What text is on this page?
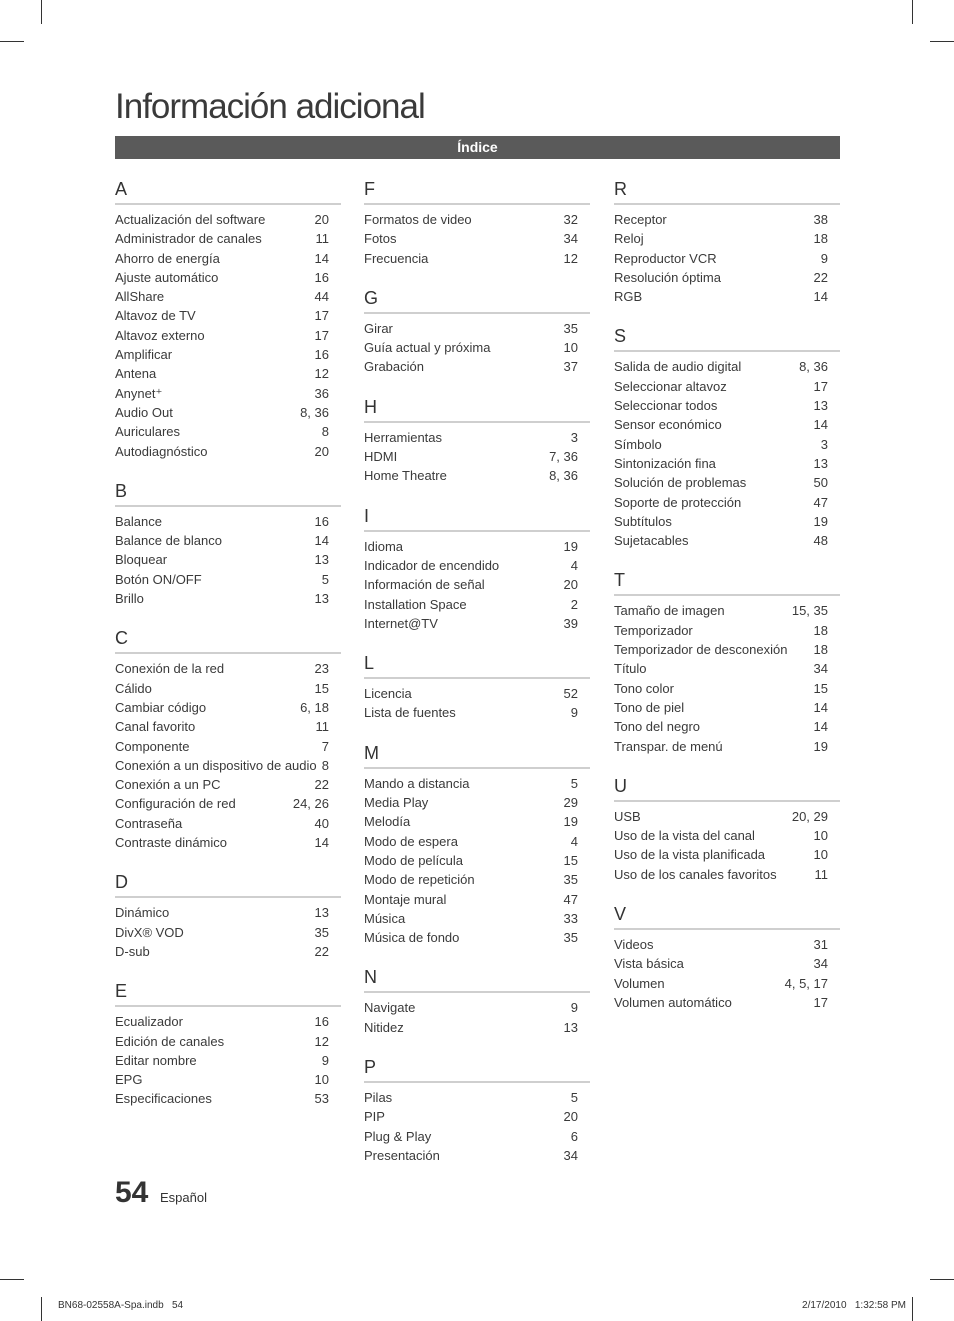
Información adicional
Índice
A
Actualización del software	20
Administrador de canales	11
Ahorro de energía	14
Ajuste automático	16
AllShare	44
Altavoz de TV	17
Altavoz externo	17
Amplificar	16
Antena	12
Anynet⁺	36
Audio Out	8, 36
Auriculares	8
Autodiagnóstico	20
B
Balance	16
Balance de blanco	14
Bloquear	13
Botón ON/OFF	5
Brillo	13
C
Conexión de la red	23
Cálido	15
Cambiar código	6, 18
Canal favorito	11
Componente	7
Conexión a un dispositivo de audio 8
Conexión a un PC	22
Configuración de red	24, 26
Contraseña	40
Contraste dinámico	14
D
Dinámico	13
DivX® VOD	35
D-sub	22
E
Ecualizador	16
Edición de canales	12
Editar nombre	9
EPG	10
Especificaciones	53
F
Formatos de video	32
Fotos	34
Frecuencia	12
G
Girar	35
Guía actual y próxima	10
Grabación	37
H
Herramientas	3
HDMI	7, 36
Home Theatre	8, 36
I
Idioma	19
Indicador de encendido	4
Información de señal	20
Installation Space	2
Internet@TV	39
L
Licencia	52
Lista de fuentes	9
M
Mando a distancia	5
Media Play	29
Melodía	19
Modo de espera	4
Modo de película	15
Modo de repetición	35
Montaje mural	47
Música	33
Música de fondo	35
N
Navigate	9
Nitidez	13
P
Pilas	5
PIP	20
Plug & Play	6
Presentación	34
R
Receptor	38
Reloj	18
Reproductor VCR	9
Resolución óptima	22
RGB	14
S
Salida de audio digital	8, 36
Seleccionar altavoz	17
Seleccionar todos	13
Sensor económico	14
Símbolo	3
Sintonización fina	13
Solución de problemas	50
Soporte de protección	47
Subtítulos	19
Sujetacables	48
T
Tamaño de imagen	15, 35
Temporizador	18
Temporizador de desconexión	18
Título	34
Tono color	15
Tono de piel	14
Tono del negro	14
Transpar. de menú	19
U
USB	20, 29
Uso de la vista del canal	10
Uso de la vista planificada	10
Uso de los canales favoritos	11
V
Videos	31
Vista básica	34
Volumen	4, 5, 17
Volumen automático	17
54 Español
BN68-02558A-Spa.indb   54	2/17/2010   1:32:58 PM
